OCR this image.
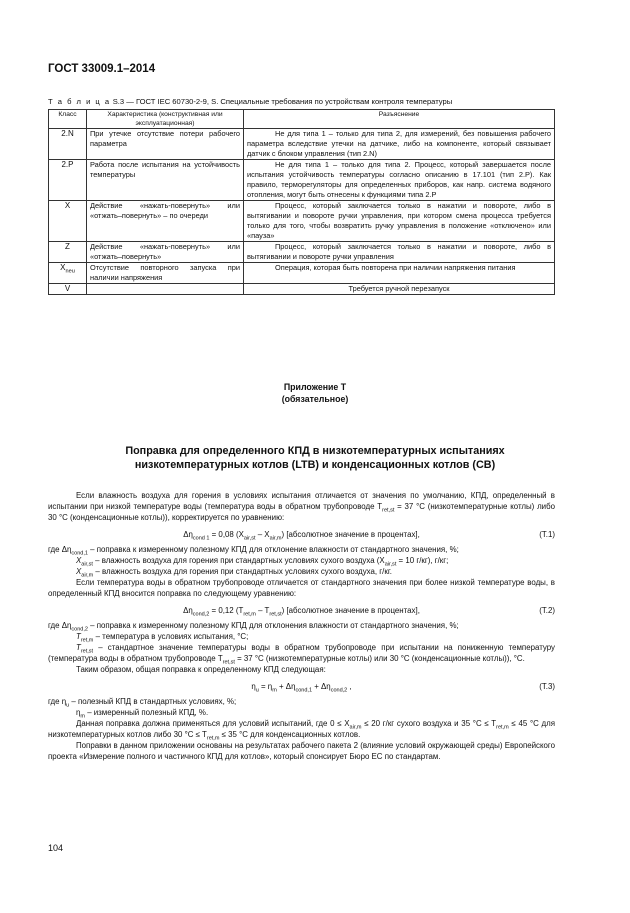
ГОСТ 33009.1–2014
Т а б л и ц а S.3 — ГОСТ IEC 60730-2-9, S. Специальные требования по устройствам контроля температуры
Класс	Характеристика (конструктивная или эксплуатационная)	Разъяснение
2.N	При утечке отсутствие потери рабочего параметра	Не для типа 1 – только для типа 2, для измерений, без повышения рабочего параметра вследствие утечки на датчике, либо на компоненте, который связывает датчик с блоком управления (тип 2.N)
2.P	Работа после испытания на устойчивость температуры	Не для типа 1 – только для типа 2. Процесс, который завершается после испытания устойчивость температуры согласно описанию в 17.101 (тип 2.P). Как правило, терморегуляторы для определенных приборов, как напр. система водяного отопления, могут быть отнесены к функциями типа 2.P
X	Действие «нажать-повернуть» или «отжать–повернуть» – по очереди	Процесс, который заключается только в нажатии и повороте, либо в вытягивании и повороте ручки управления, при котором смена процесса требуется только для того, чтобы возвратить ручку управления в положение «отключено» или «пауза»
Z	Действие «нажать-повернуть» или «отжать–повернуть»	Процесс, который заключается только в нажатии и повороте, либо в вытягивании и повороте ручки управления
$X_{neu}$	Отсутствие повторного запуска при наличии напряжения	Операция, которая быть повторена при наличии напряжения питания
V		Требуется ручной перезапуск
Приложение Т
(обязательное)
Поправка для определенного КПД в низкотемпературных испытаниях
низкотемпературных котлов (LTB) и конденсационных котлов (CB)

Если влажность воздуха для горения в условиях испытания отличается от значения по умолчанию, КПД, определенный в испытании при низкой температуре воды (температура воды в обратном трубопроводе $T_{ret,st} = 37$ °C (низкотемпературные котлы) либо 30 °C (конденсационные котлы)), корректируется по уравнению:

$\Delta\eta_{cond 1} = 0,08$ $(X_{air,st} - X_{air,m})$ [абсолютное значение в процентах],	(T.1)

где $\Delta\eta_{cond,1}$ – поправка к измеренному полезному КПД для отклонение влажности от стандартного значения, %;

$X_{air,st}$ – влажность воздуха для горения при стандартных условиях сухого воздуха ($X_{air,st} = 10$ г/кг), г/кг;

$X_{air,m}$ – влажность воздуха для горения при стандартных условиях сухого воздуха, г/кг.

Если температура воды в обратном трубопроводе отличается от стандартного значения при более низкой температуре воды, в определенный КПД вносится поправка по следующему уравнению:

$\Delta\eta_{cond,2} = 0,12$ $(T_{ret,m} - T_{ret,st})$ [абсолютное значение в процентах],	(T.2)

где $\Delta\eta_{cond,2}$ – поправка к измеренному полезному КПД для отклонения влажности от стандартного значения, %;

$T_{ret,m}$ – температура в условиях испытания, °C;

$T_{ret,st}$ – стандартное значение температуры воды в обратном трубопроводе при испытании на пониженную температуру (температура воды в обратном трубопроводе $T_{ret,st} = 37$ °C (низкотемпературные котлы) или 30 °C (конденсационные котлы)), °C.

Таким образом, общая поправка к определенному КПД следующая:

$\eta_u = \eta_m + \Delta\eta_{cond,1} + \Delta\eta_{cond,2}$ ,	(T.3)

где $\eta_u$ – полезный КПД в стандартных условиях, %;

$\eta_m$ – измеренный полезный КПД, %.

Данная поправка должна применяться для условий испытаний, где $0 \le X_{air,m} \le 20$ г/кг сухого воздуха и 35 $^\circ C \le T_{ret,m} \le 45$ °C для низкотемпературных котлов либо 30 $^\circ C \le T_{ret,m} \le 35$ °C для конденсационных котлов.

Поправки в данном приложении основаны на результатах рабочего пакета 2 (влияние условий окружающей среды) Европейского проекта «Измерение полного и частичного КПД для котлов», который спонсирует Бюро ЕС по стандартам.

104
